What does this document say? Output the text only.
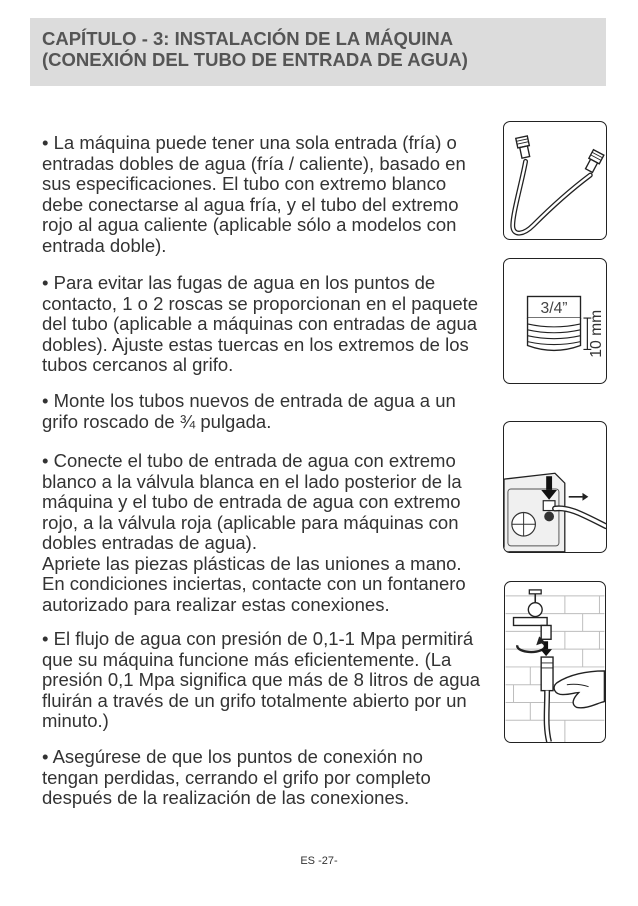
CAPÍTULO - 3: INSTALACIÓN DE LA MÁQUINA
(CONEXIÓN DEL TUBO DE ENTRADA DE AGUA)
• La máquina puede tener una sola entrada (fría) o
entradas dobles de agua (fría / caliente), basado en
sus especificaciones. El tubo con extremo blanco
debe conectarse al agua fría, y el tubo del extremo
rojo al agua caliente (aplicable sólo a modelos con
entrada doble).
• Para evitar las fugas de agua en los puntos de
contacto, 1 o 2 roscas se proporcionan en el paquete
del tubo (aplicable a máquinas con entradas de agua
dobles). Ajuste estas tuercas en los extremos de los
tubos cercanos al grifo.
• Monte los tubos nuevos de entrada de agua a un
grifo roscado de ¾ pulgada.
• Conecte el tubo de entrada de agua con extremo
blanco a la válvula blanca en el lado posterior de la
máquina y el tubo de entrada de agua con extremo
rojo, a la válvula roja (aplicable para máquinas con
dobles entradas de agua).
Apriete las piezas plásticas de las uniones a mano.
En condiciones inciertas, contacte con un fontanero
autorizado para realizar estas conexiones.
• El flujo de agua con presión de 0,1-1 Mpa permitirá
que su máquina funcione más eficientemente. (La
presión 0,1 Mpa significa que más de 8 litros de agua
fluirán a través de un grifo totalmente abierto por un
minuto.)
• Asegúrese de que los puntos de conexión no
tengan perdidas, cerrando el grifo por completo
después de la realización de las conexiones.
3/4”
10 mm
ES -27-
